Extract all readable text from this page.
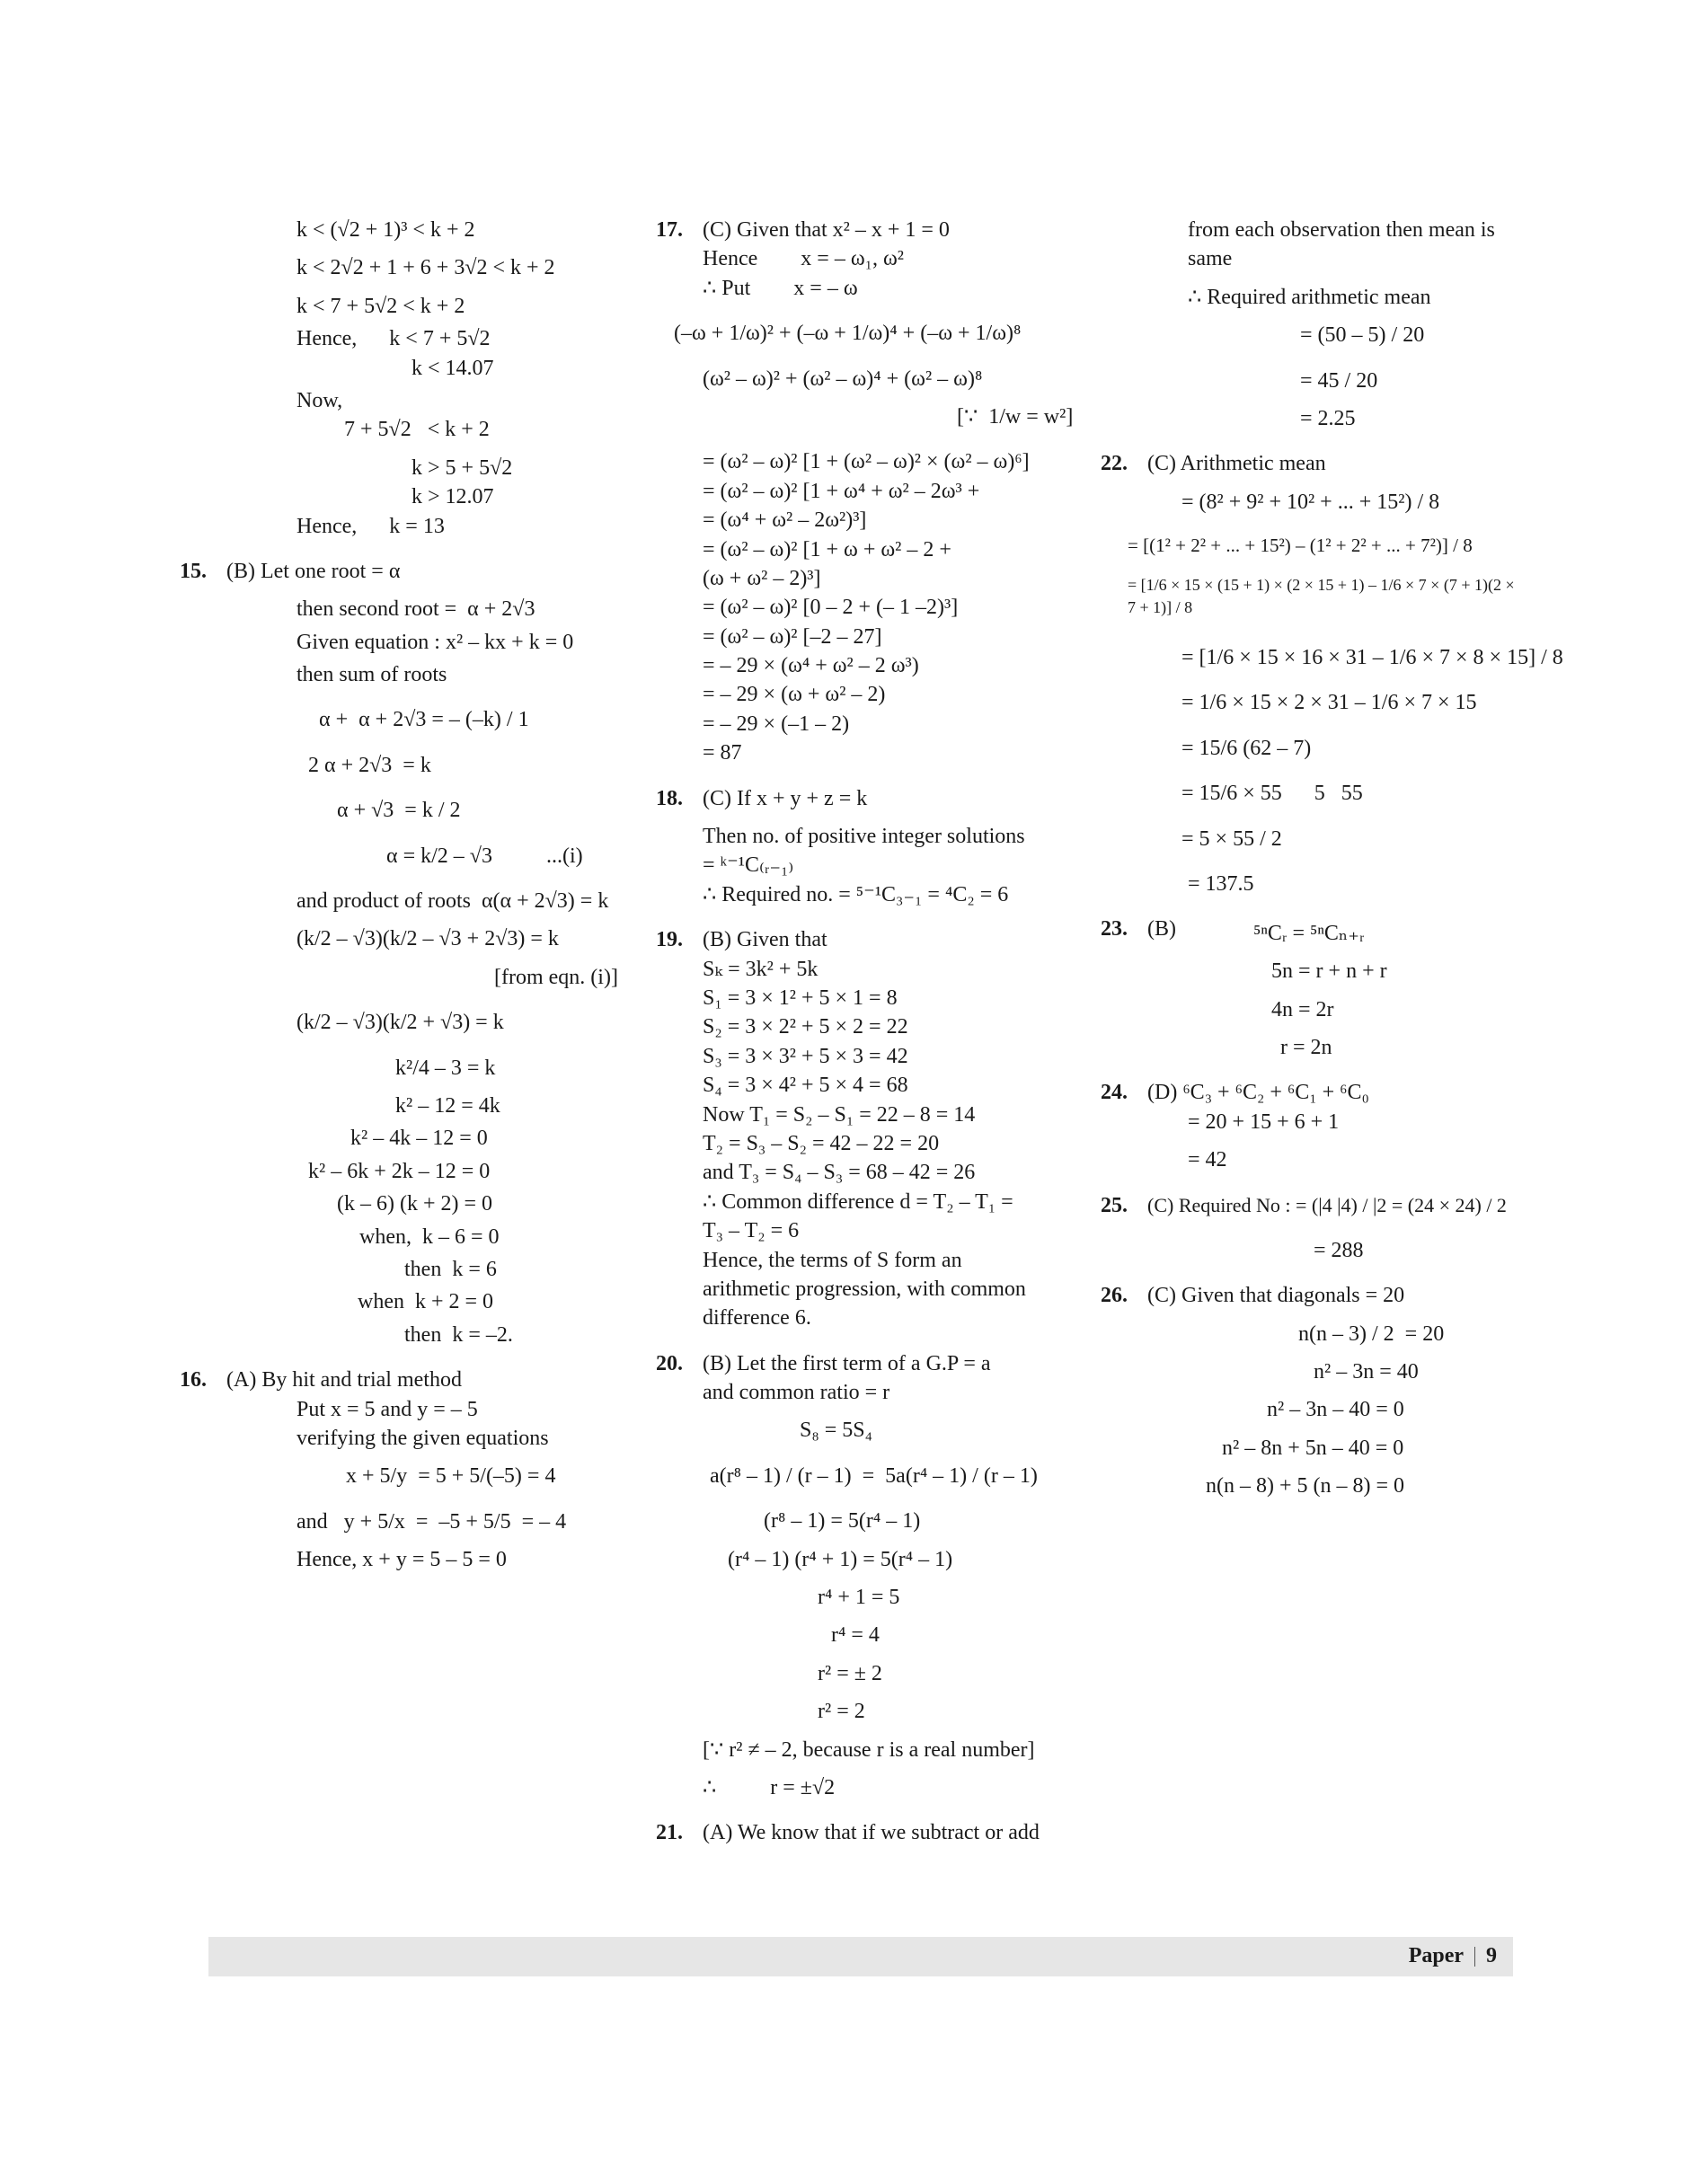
k < (√2 + 1)³ < k + 2
k < 2√2 + 1 + 6 + 3√2 < k + 2
k < 7 + 5√2 < k + 2
Hence,      k < 7 + 5√2
k < 14.07
Now,
7 + 5√2   < k + 2
k > 5 + 5√2
k > 12.07
Hence,      k = 13
15. (B) Let one root = α
then second root =  α + 2√3
Given equation : x² – kx + k = 0
then sum of roots
α +  α + 2√3 = – (–k) / 1
2 α + 2√3  = k
α + √3  = k / 2
α = k/2 – √3          ...(i)
and product of roots  α(α + 2√3) = k
(k/2 – √3)(k/2 – √3 + 2√3) = k
[from eqn. (i)]
(k/2 – √3)(k/2 + √3) = k
k²/4 – 3 = k
k² – 12 = 4k
k² – 4k – 12 = 0
k² – 6k + 2k – 12 = 0
(k – 6) (k + 2) = 0
when,  k – 6 = 0
then  k = 6
when  k + 2 = 0
then  k = –2.
16. (A) By hit and trial method
Put x = 5 and y = – 5
verifying the given equations
x + 5/y  = 5 + 5/(–5) = 4
and   y + 5/x  =  –5 + 5/5  = – 4
Hence, x + y = 5 – 5 = 0
17. (C) Given that x² – x + 1 = 0
Hence        x = – ω₁, ω²
∴ Put        x = – ω
(–ω + 1/ω)² + (–ω + 1/ω)⁴ + (–ω + 1/ω)⁸
(ω² – ω)² + (ω² – ω)⁴ + (ω² – ω)⁸
[∵  1/w = w²]
= (ω² – ω)² [1 + (ω² – ω)² × (ω² – ω)⁶]
= (ω² – ω)² [1 + ω⁴ + ω² – 2ω³ +
= (ω⁴ + ω² – 2ω²)³]
= (ω² – ω)² [1 + ω + ω² – 2 +
(ω + ω² – 2)³]
= (ω² – ω)² [0 – 2 + (– 1 –2)³]
= (ω² – ω)² [–2 – 27]
= – 29 × (ω⁴ + ω² – 2 ω³)
= – 29 × (ω + ω² – 2)
= – 29 × (–1 – 2)
= 87
18. (C) If x + y + z = k
Then no. of positive integer solutions
= ᵏ⁻¹C₍ᵣ₋₁₎
∴ Required no. = ⁵⁻¹C₃₋₁ = ⁴C₂ = 6
19. (B) Given that
Sₖ = 3k² + 5k
S₁ = 3 × 1² + 5 × 1 = 8
S₂ = 3 × 2² + 5 × 2 = 22
S₃ = 3 × 3² + 5 × 3 = 42
S₄ = 3 × 4² + 5 × 4 = 68
Now T₁ = S₂ – S₁ = 22 – 8 = 14
T₂ = S₃ – S₂ = 42 – 22 = 20
and T₃ = S₄ – S₃ = 68 – 42 = 26
∴ Common difference d = T₂ – T₁ =
T₃ – T₂ = 6
Hence, the terms of S form an
arithmetic progression, with common
difference 6.
20. (B) Let the first term of a G.P = a
and common ratio = r
S₈ = 5S₄
a(r⁸ – 1) / (r – 1)  =  5a(r⁴ – 1) / (r – 1)
(r⁸ – 1) = 5(r⁴ – 1)
(r⁴ – 1) (r⁴ + 1) = 5(r⁴ – 1)
r⁴ + 1 = 5
r⁴ = 4
r² = ± 2
r² = 2
[∵ r² ≠ – 2, because r is a real number]
∴          r = ±√2
21. (A) We know that if we subtract or add
from each observation then mean is
same
∴ Required arithmetic mean
= (50 – 5) / 20
= 45 / 20
= 2.25
22. (C) Arithmetic mean
= (8² + 9² + 10² + ... + 15²) / 8
= [(1² + 2² + ... + 15²) – (1² + 2² + ... + 7²)] / 8
= [1/6 × 15 × (15 + 1) × (2 × 15 + 1) – 1/6 × 7 × (7 + 1)(2 × 7 + 1)] / 8
= [1/6 × 15 × 16 × 31 – 1/6 × 7 × 8 × 15] / 8
= 1/6 × 15 × 2 × 31 – 1/6 × 7 × 15
= 15/6 (62 – 7)
= 15/6 × 55      5   55
= 5 × 55 / 2
= 137.5
23. (B)	⁵ⁿCᵣ = ⁵ⁿCₙ₊ᵣ
5n = r + n + r
4n = 2r
r = 2n
24. (D) ⁶C₃ + ⁶C₂ + ⁶C₁ + ⁶C₀
= 20 + 15 + 6 + 1
= 42
25.	(C) Required No : = (|4 |4) / |2 = (24 × 24) / 2
= 288
26. (C) Given that diagonals = 20
n(n – 3) / 2  = 20
n² – 3n = 40
n² – 3n – 40 = 0
n² – 8n + 5n – 40 = 0
n(n – 8) + 5 (n – 8) = 0
Paper 9
